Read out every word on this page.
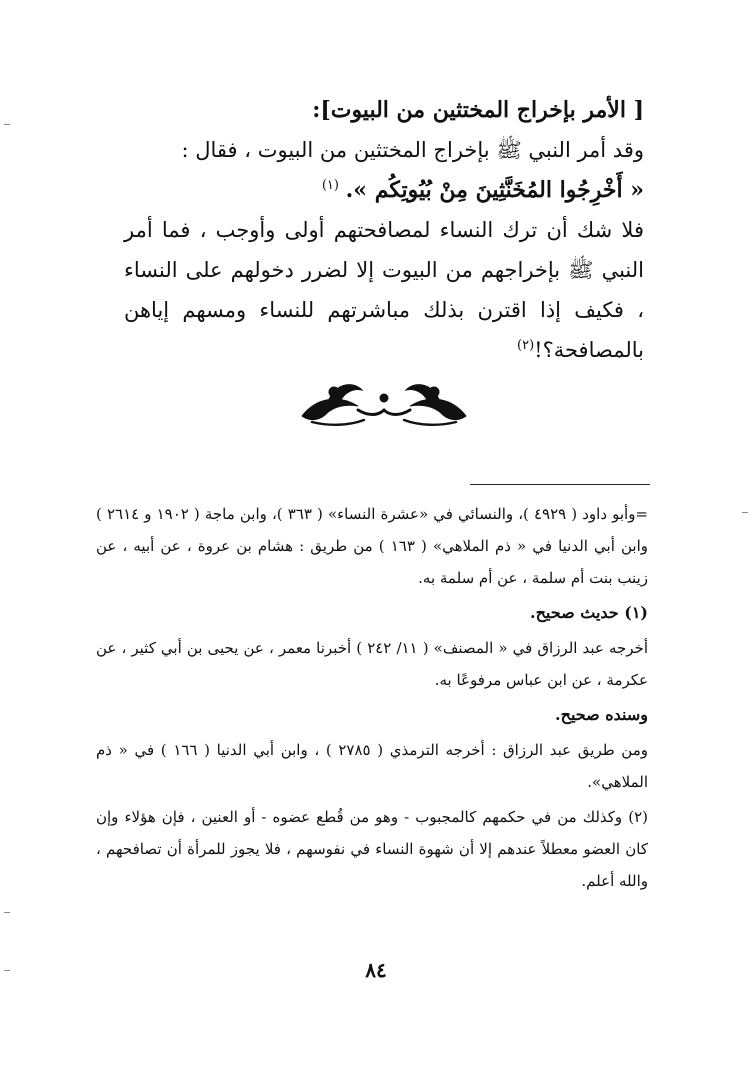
[ الأمر بإخراج المختثين من البيوت]:

وقد أمر النبي ﷺ بإخراج المختثين من البيوت ، فقال :

« أَخْرِجُوا المُخَنَّثِينَ مِنْ بُيُوتِكُم ». $^{(١)}$

فلا شك أن ترك النساء لمصافحتهم أولى وأوجب ، فما أمر النبي ﷺ بإخراجهم من البيوت إلا لضرر دخولهم على النساء ، فكيف إذا اقترن بذلك مباشرتهم للنساء ومسهم إياهن بالمصافحة؟!$^{(٢)}$

=وأبو داود ( ٤٩٢٩ )، والنسائي في «عشرة النساء» ( ٣٦٣ )، وابن ماجة ( ١٩٠٢ و ٢٦١٤ ) وابن أبي الدنيا في « ذم الملاهي» ( ١٦٣ ) من طريق : هشام بن عروة ، عن أبيه ، عن زينب بنت أم سلمة ، عن أم سلمة به.

(١) حديث صحيح.

أخرجه عبد الرزاق في « المصنف» ( ١١/ ٢٤٢ ) أخبرنا معمر ، عن يحيى بن أبي كثير ، عن عكرمة ، عن ابن عباس مرفوعًا به.

وسنده صحيح.

ومن طريق عبد الرزاق : أخرجه الترمذي ( ٢٧٨٥ ) ، وابن أبي الدنيا ( ١٦٦ ) في « ذم الملاهي».

(٢) وكذلك من في حكمهم كالمجبوب - وهو من قُطع عضوه - أو العنين ، فإن هؤلاء وإن كان العضو معطلاً عندهم إلا أن شهوة النساء في نفوسهم ، فلا يجوز للمرأة أن تصافحهم ، والله أعلم.

٨٤
